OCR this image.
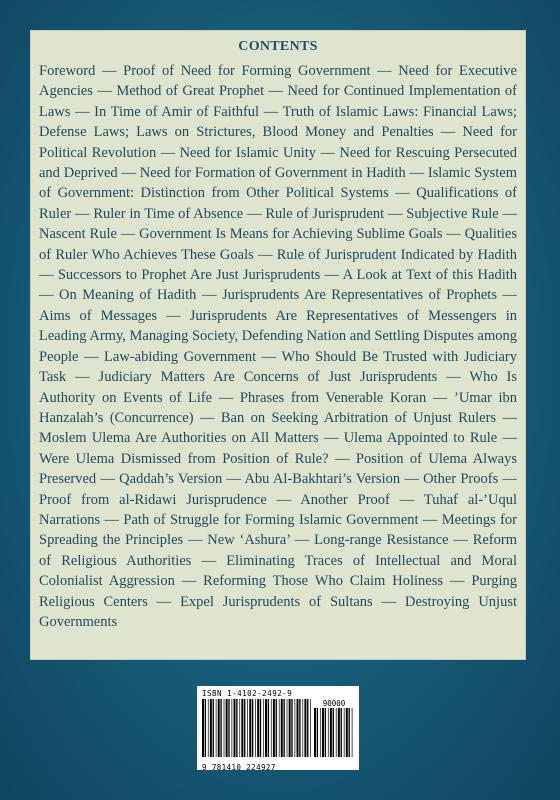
CONTENTS
Foreword — Proof of Need for Forming Government — Need for Executive Agencies — Method of Great Prophet — Need for Continued Implementation of Laws — In Time of Amir of Faithful — Truth of Islamic Laws: Financial Laws; Defense Laws; Laws on Strictures, Blood Money and Penalties — Need for Political Revolution — Need for Islamic Unity — Need for Rescuing Persecuted and Deprived — Need for Formation of Government in Hadith — Islamic System of Government: Distinction from Other Political Systems — Qualifications of Ruler — Ruler in Time of Absence — Rule of Jurisprudent — Subjective Rule — Nascent Rule — Government Is Means for Achieving Sublime Goals — Qualities of Ruler Who Achieves These Goals — Rule of Jurisprudent Indicated by Hadith — Successors to Prophet Are Just Jurisprudents — A Look at Text of this Hadith — On Meaning of Hadith — Jurisprudents Are Representatives of Prophets — Aims of Messages — Jurisprudents Are Representatives of Messengers in Leading Army, Managing Society, Defending Nation and Settling Disputes among People — Law-abiding Government — Who Should Be Trusted with Judiciary Task — Judiciary Matters Are Concerns of Just Jurisprudents — Who Is Authority on Events of Life — Phrases from Venerable Koran — ’Umar ibn Hanzalah’s (Concurrence) — Ban on Seeking Arbitration of Unjust Rulers — Moslem Ulema Are Authorities on All Matters — Ulema Appointed to Rule — Were Ulema Dismissed from Position of Rule? — Position of Ulema Always Preserved — Qaddah’s Version — Abu Al-Bakhtari’s Version — Other Proofs — Proof from al-Ridawi Jurisprudence — Another Proof — Tuhaf al-’Uqul Narrations — Path of Struggle for Forming Islamic Government — Meetings for Spreading the Principles — New ‘Ashura’ — Long-range Resistance — Reform of Religious Authorities — Eliminating Traces of Intellectual and Moral Colonialist Aggression — Reforming Those Who Claim Holiness — Purging Religious Centers — Expel Jurisprudents of Sultans — Destroying Unjust Governments
ISBN 1-4102-2492-9
90000
9 781410 224927
